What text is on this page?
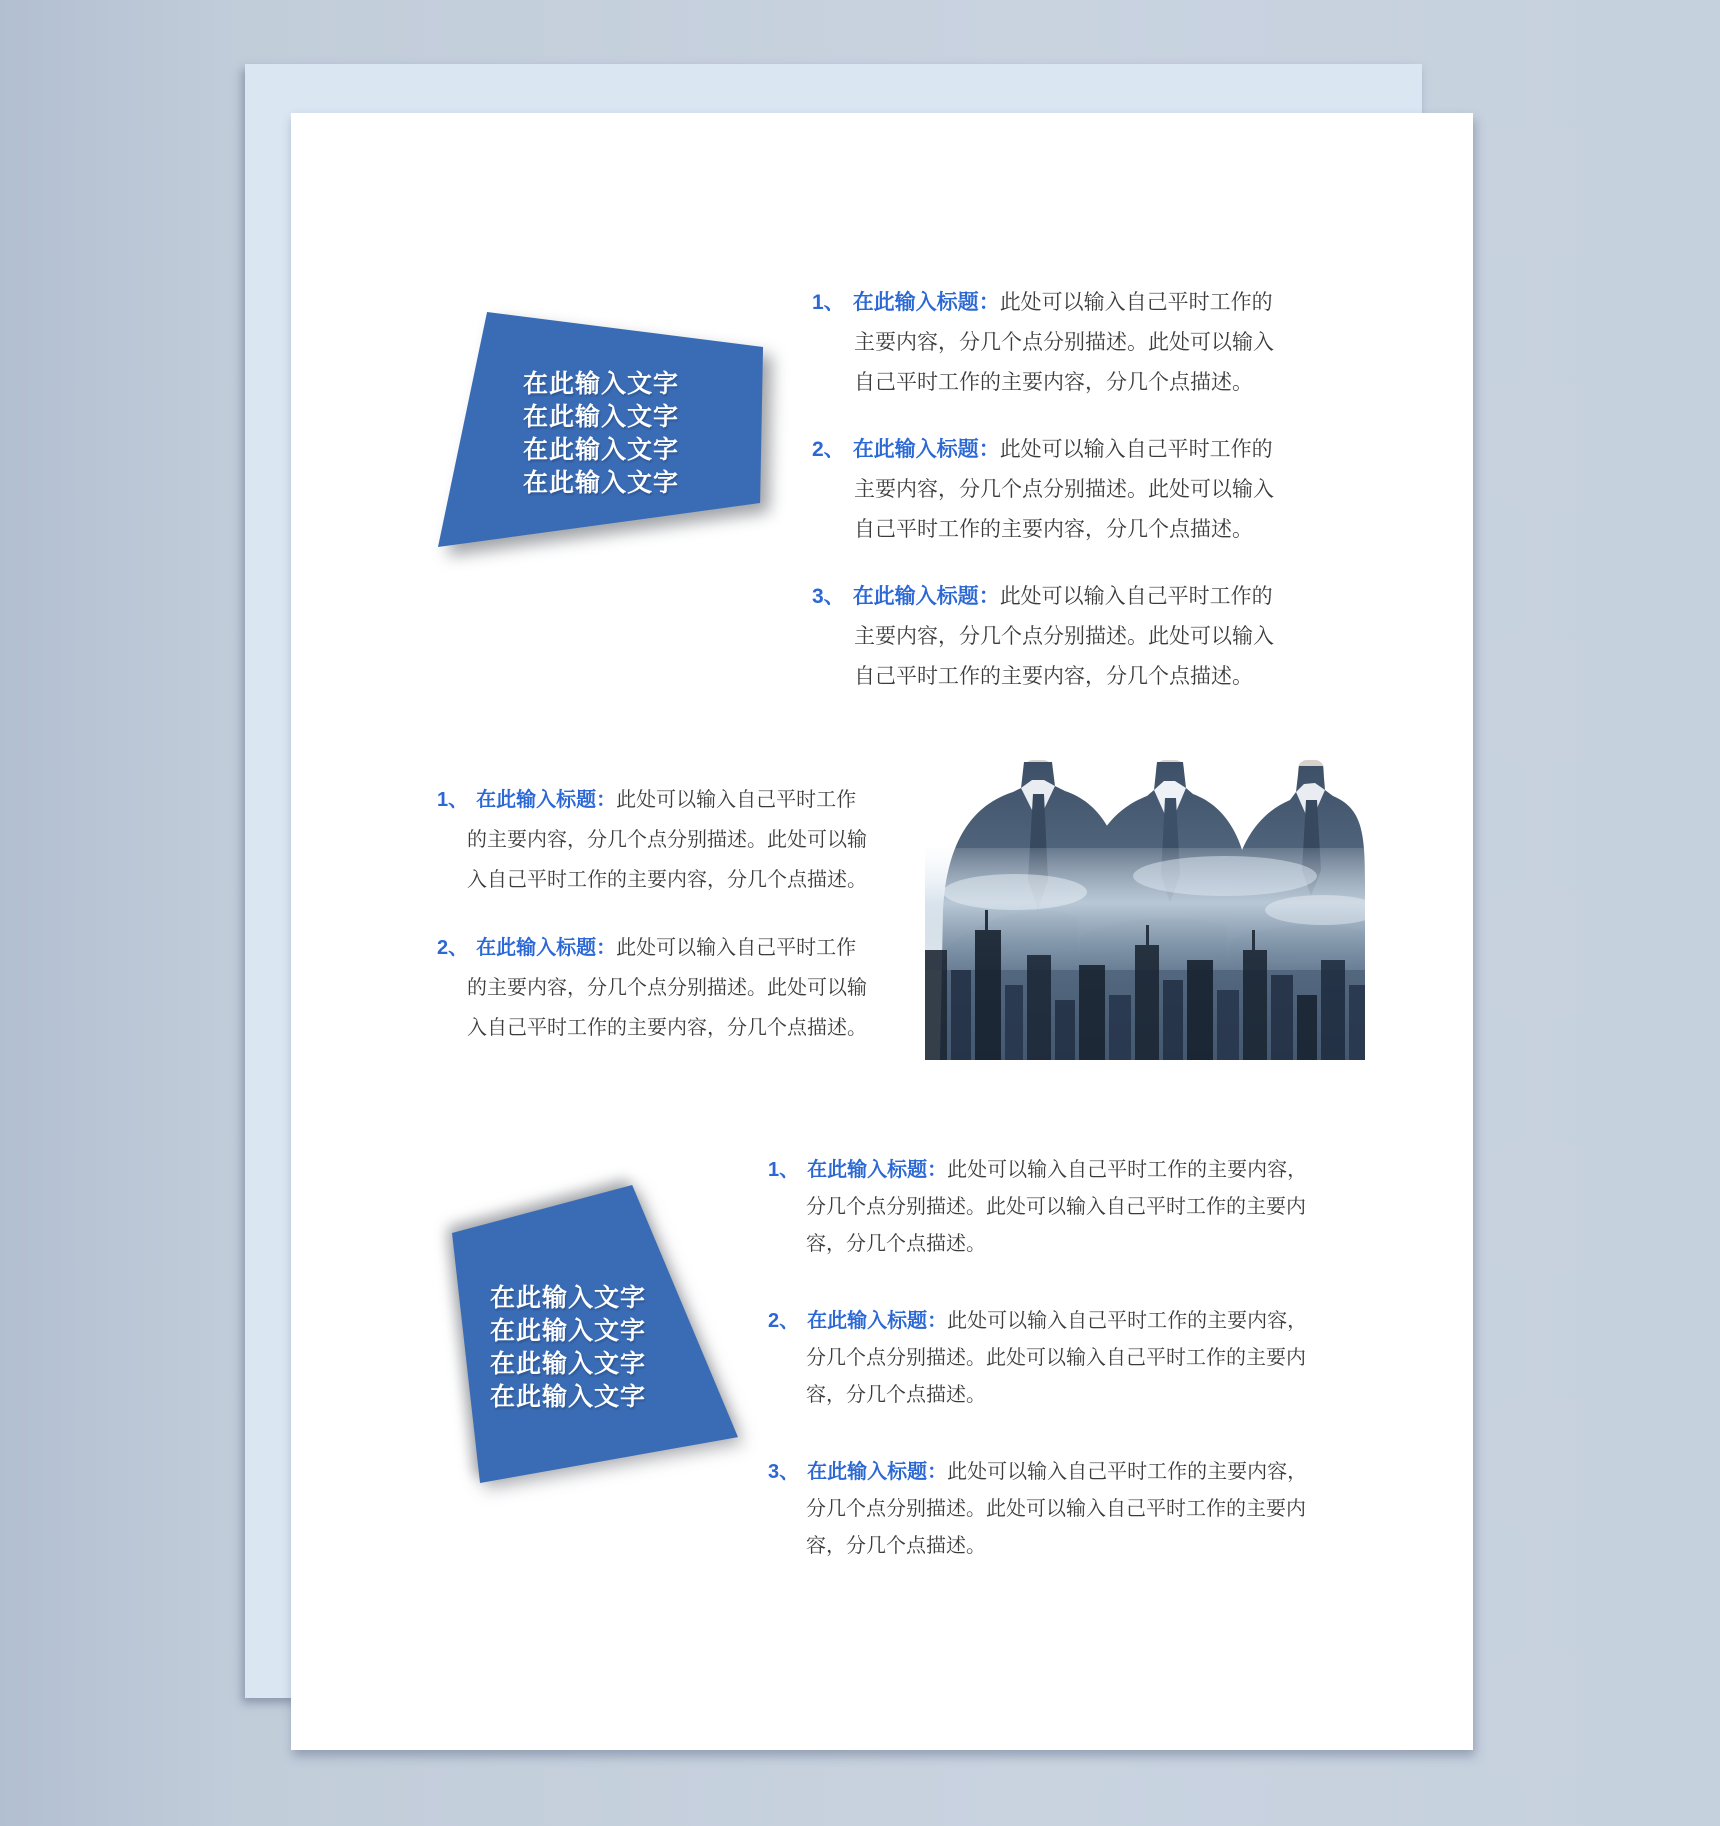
在此输入文字
在此输入文字
在此输入文字
在此输入文字

1、 在此输入标题：此处可以输入自己平时工作的主要内容，分几个点分别描述。此处可以输入自己平时工作的主要内容，分几个点描述。

2、 在此输入标题：此处可以输入自己平时工作的主要内容，分几个点分别描述。此处可以输入自己平时工作的主要内容，分几个点描述。

3、 在此输入标题：此处可以输入自己平时工作的主要内容，分几个点分别描述。此处可以输入自己平时工作的主要内容，分几个点描述。

1、 在此输入标题：此处可以输入自己平时工作的主要内容，分几个点分别描述。此处可以输入自己平时工作的主要内容，分几个点描述。

2、 在此输入标题：此处可以输入自己平时工作的主要内容，分几个点分别描述。此处可以输入自己平时工作的主要内容，分几个点描述。

在此输入文字
在此输入文字
在此输入文字
在此输入文字

1、 在此输入标题：此处可以输入自己平时工作的主要内容，分几个点分别描述。此处可以输入自己平时工作的主要内容，分几个点描述。

2、 在此输入标题：此处可以输入自己平时工作的主要内容，分几个点分别描述。此处可以输入自己平时工作的主要内容，分几个点描述。

3、 在此输入标题：此处可以输入自己平时工作的主要内容，分几个点分别描述。此处可以输入自己平时工作的主要内容，分几个点描述。
